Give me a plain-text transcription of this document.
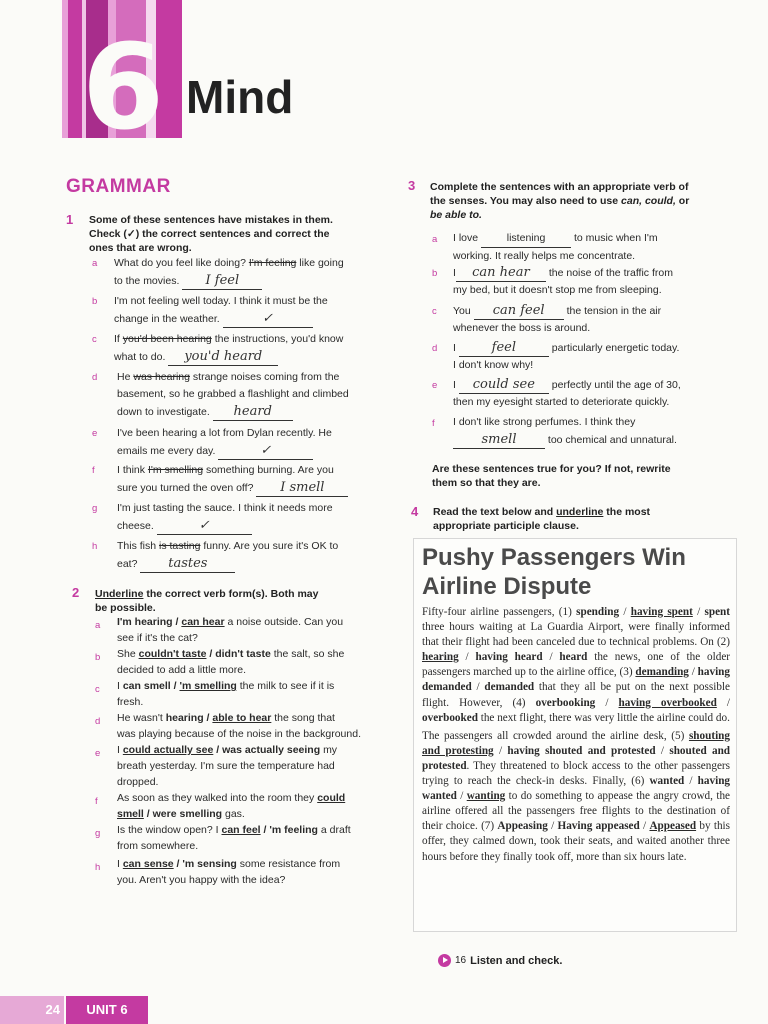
6 Mind
GRAMMAR
1 Some of these sentences have mistakes in them.
Check (✓) the correct sentences and correct the
ones that are wrong.
a What do you feel like doing? I'm feeling like going
to the movies. I feel
b I'm not feeling well today. I think it must be the
change in the weather.	✓
c If you'd been hearing the instructions, you'd know
what to do. you'd heard
d He was hearing strange noises coming from the
basement, so he grabbed a flashlight and climbed
down to investigate. heard
e I've been hearing a lot from Dylan recently. He
emails me every day.	✓
f I think I'm smelling something burning. Are you
sure you turned the oven off? I smell
g I'm just tasting the sauce. I think it needs more
cheese.	✓
h This fish is tasting funny. Are you sure it's OK to
eat? tastes
2 Underline the correct verb form(s). Both may
be possible.
a I'm hearing / can hear a noise outside. Can you
see if it's the cat?
b She couldn't taste / didn't taste the salt, so she
decided to add a little more.
c I can smell / 'm smelling the milk to see if it is
fresh.
d He wasn't hearing / able to hear the song that
was playing because of the noise in the background.
e I could actually see / was actually seeing my
breath yesterday. I'm sure the temperature had
dropped.
f As soon as they walked into the room they could
smell / were smelling gas.
g Is the window open? I can feel / 'm feeling a draft
from somewhere.
h I can sense / 'm sensing some resistance from
you. Aren't you happy with the idea?
3 Complete the sentences with an appropriate verb of
the senses. You may also need to use can, could, or
be able to.
a I love	listening	to music when I'm
working. It really helps me concentrate.
b I can hear the noise of the traffic from
my bed, but it doesn't stop me from sleeping.
c You can feel the tension in the air
whenever the boss is around.
d I	feel	particularly energetic today.
I don't know why!
e I could see perfectly until the age of 30,
then my eyesight started to deteriorate quickly.
f I don't like strong perfumes. I think they
smell	too chemical and unnatural.
Are these sentences true for you? If not, rewrite
them so that they are.
4 Read the text below and underline the most
appropriate participle clause.
Pushy Passengers Win Airline Dispute

Fifty-four airline passengers, (1) spending / having spent / spent three hours waiting at La Guardia Airport, were finally informed that their flight had been canceled due to technical problems. On (2) hearing / having heard / heard the news, one of the older passengers marched up to the airline office, (3) demanding / having demanded / demanded that they all be put on the next possible flight. However, (4) overbooking / having overbooked / overbooked the next flight, there was very little the airline could do.

The passengers all crowded around the airline desk, (5) shouting and protesting / having shouted and protested / shouted and protested. They threatened to block access to the other passengers trying to reach the check-in desks. Finally, (6) wanted / having wanted / wanting to do something to appease the angry crowd, the airline offered all the passengers free flights to the destination of their choice. (7) Appeasing / Having appeased / Appeased by this offer, they calmed down, took their seats, and waited another three hours before they finally took off, more than six hours late.

16 Listen and check.
24	UNIT 6
